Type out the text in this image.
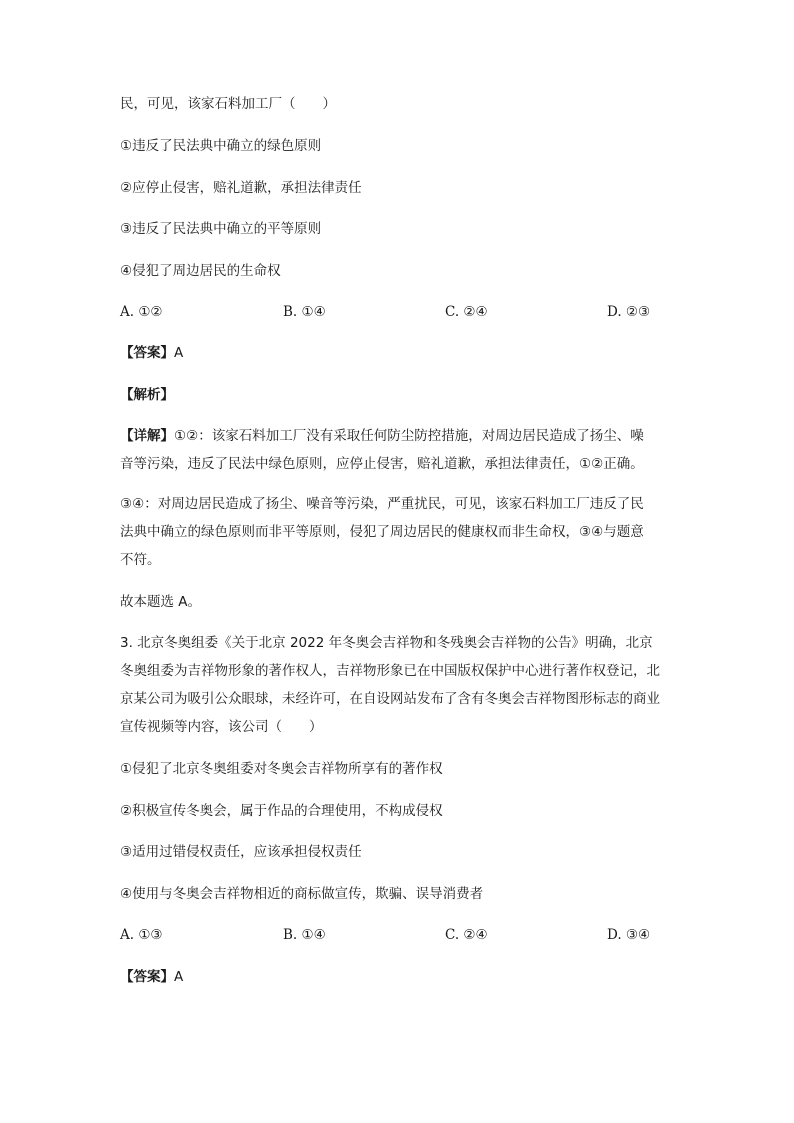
民，可见，该家石料加工厂（　　）
①违反了民法典中确立的绿色原则
②应停止侵害，赔礼道歉，承担法律责任
③违反了民法典中确立的平等原则
④侵犯了周边居民的生命权
A. ①②	B. ①④	C. ②④	D. ②③
【答案】A
【解析】
【详解】①②：该家石料加工厂没有采取任何防尘防控措施，对周边居民造成了扬尘、噪
音等污染，违反了民法中绿色原则，应停止侵害，赔礼道歉，承担法律责任，①②正确。
③④：对周边居民造成了扬尘、噪音等污染，严重扰民，可见，该家石料加工厂违反了民
法典中确立的绿色原则而非平等原则，侵犯了周边居民的健康权而非生命权，③④与题意
不符。
故本题选 A。
3. 北京冬奥组委《关于北京 2022 年冬奥会吉祥物和冬残奥会吉祥物的公告》明确，北京
冬奥组委为吉祥物形象的著作权人，吉祥物形象已在中国版权保护中心进行著作权登记，北
京某公司为吸引公众眼球，未经许可，在自设网站发布了含有冬奥会吉祥物图形标志的商业
宣传视频等内容，该公司（　　）
①侵犯了北京冬奥组委对冬奥会吉祥物所享有的著作权
②积极宣传冬奥会，属于作品的合理使用，不构成侵权
③适用过错侵权责任，应该承担侵权责任
④使用与冬奥会吉祥物相近的商标做宣传，欺骗、误导消费者
A. ①③	B. ①④	C. ②④	D. ③④
【答案】A
